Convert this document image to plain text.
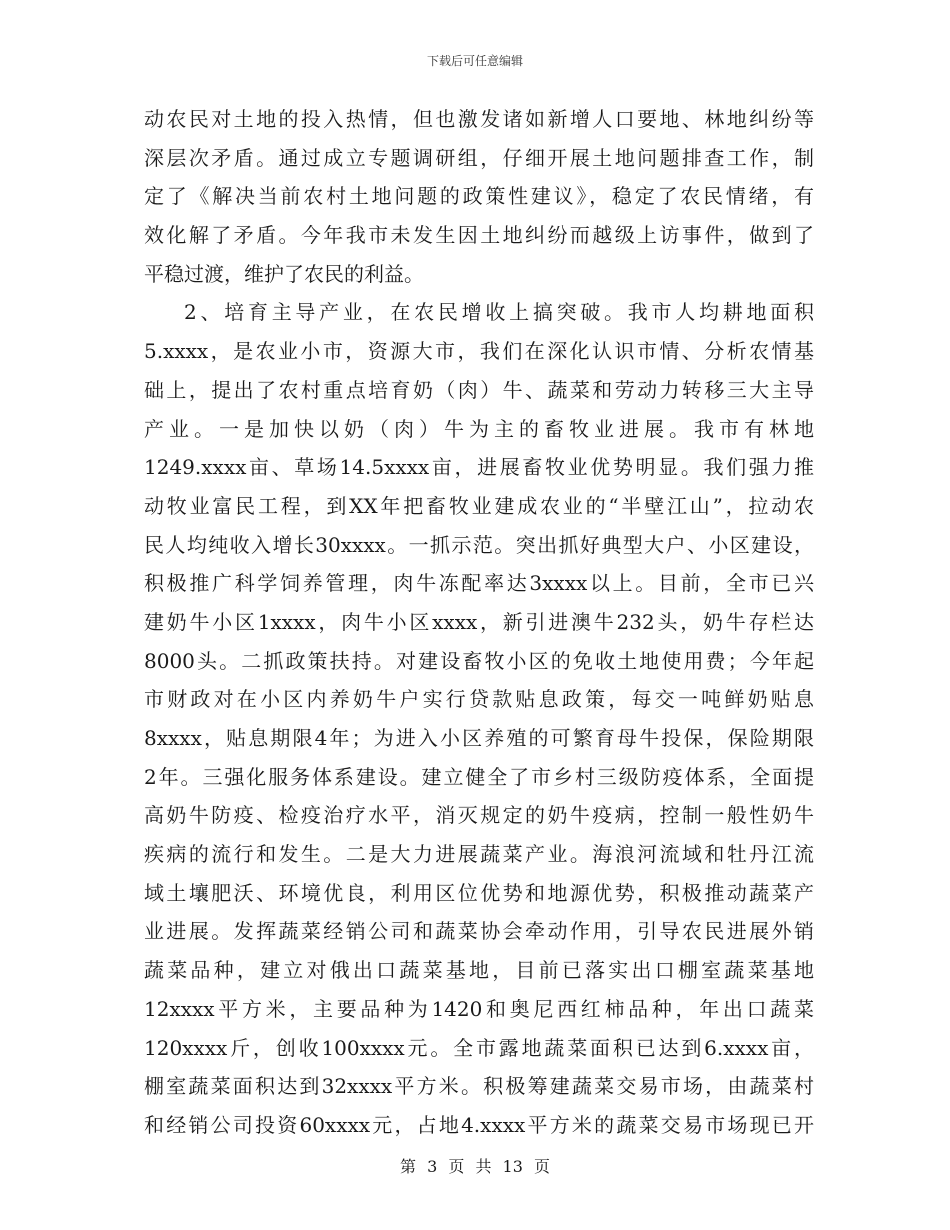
下载后可任意编辑
动农民对土地的投入热情，但也激发诸如新增人口要地、林地纠纷等
深层次矛盾。通过成立专题调研组，仔细开展土地问题排查工作，制
定了《解决当前农村土地问题的政策性建议》，稳定了农民情绪，有
效化解了矛盾。今年我市未发生因土地纠纷而越级上访事件，做到了
平稳过渡，维护了农民的利益。
2、培育主导产业，在农民增收上搞突破。我市人均耕地面积
5.xxxx，是农业小市，资源大市，我们在深化认识市情、分析农情基
础上，提出了农村重点培育奶（肉）牛、蔬菜和劳动力转移三大主导
产业。一是加快以奶（肉）牛为主的畜牧业进展。我市有林地
1249.xxxx亩、草场14.5xxxx亩，进展畜牧业优势明显。我们强力推
动牧业富民工程，到XX年把畜牧业建成农业的“半壁江山”，拉动农
民人均纯收入增长30xxxx。一抓示范。突出抓好典型大户、小区建设，
积极推广科学饲养管理，肉牛冻配率达3xxxx以上。目前，全市已兴
建奶牛小区1xxxx，肉牛小区xxxx，新引进澳牛232头，奶牛存栏达
8000头。二抓政策扶持。对建设畜牧小区的免收土地使用费；今年起
市财政对在小区内养奶牛户实行贷款贴息政策，每交一吨鲜奶贴息
8xxxx，贴息期限4年；为进入小区养殖的可繁育母牛投保，保险期限
2年。三强化服务体系建设。建立健全了市乡村三级防疫体系，全面提
高奶牛防疫、检疫治疗水平，消灭规定的奶牛疫病，控制一般性奶牛
疾病的流行和发生。二是大力进展蔬菜产业。海浪河流域和牡丹江流
域土壤肥沃、环境优良，利用区位优势和地源优势，积极推动蔬菜产
业进展。发挥蔬菜经销公司和蔬菜协会牵动作用，引导农民进展外销
蔬菜品种，建立对俄出口蔬菜基地，目前已落实出口棚室蔬菜基地
12xxxx平方米，主要品种为1420和奥尼西红柿品种，年出口蔬菜
120xxxx斤，创收100xxxx元。全市露地蔬菜面积已达到6.xxxx亩，
棚室蔬菜面积达到32xxxx平方米。积极筹建蔬菜交易市场，由蔬菜村
和经销公司投资60xxxx元，占地4.xxxx平方米的蔬菜交易市场现已开
第 3 页 共 13 页
